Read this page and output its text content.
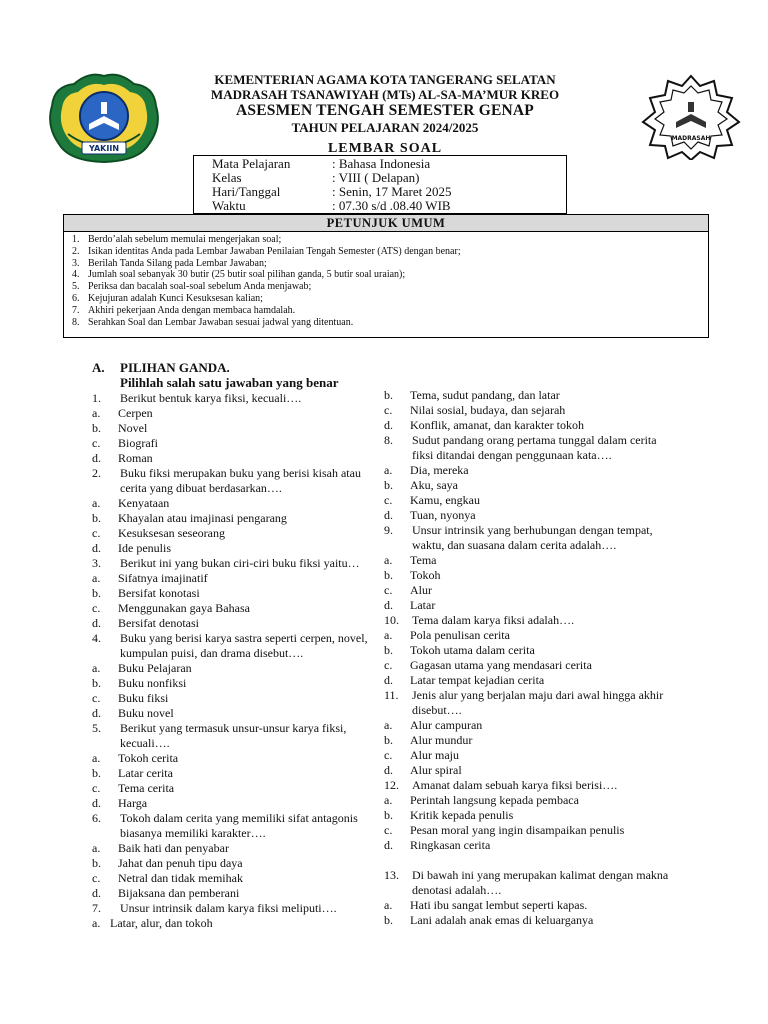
YAKIIN
MADRASAH
KEMENTERIAN AGAMA KOTA TANGERANG SELATAN
MADRASAH TSANAWIYAH (MTs) AL-SA-MA’MUR KREO
ASESMEN TENGAH SEMESTER GENAP
TAHUN PELAJARAN 2024/2025
LEMBAR SOAL
Mata Pelajaran	: Bahasa Indonesia
Kelas	: VIII ( Delapan)
Hari/Tanggal	: Senin, 17 Maret 2025
Waktu	: 07.30 s/d .08.40 WIB
PETUNJUK UMUM
1. Berdo’alah sebelum memulai mengerjakan soal;
2. Isikan identitas Anda pada Lembar Jawaban Penilaian Tengah Semester (ATS) dengan benar;
3. Berilah Tanda Silang pada Lembar Jawaban;
4. Jumlah soal sebanyak 30 butir (25 butir soal pilihan ganda, 5 butir soal uraian);
5. Periksa dan bacalah soal-soal sebelum Anda menjawab;
6. Kejujuran adalah Kunci Kesuksesan kalian;
7. Akhiri pekerjaan Anda dengan membaca hamdalah.
8. Serahkan Soal dan Lembar Jawaban sesuai jadwal yang ditentuan.
A. PILIHAN GANDA.
Pilihlah salah satu jawaban yang benar
1. Berikut bentuk karya fiksi, kecuali….
a. Cerpen
b. Novel
c. Biografi
d. Roman
2. Buku fiksi merupakan buku yang berisi kisah atau cerita yang dibuat berdasarkan….
a. Kenyataan
b. Khayalan atau imajinasi pengarang
c. Kesuksesan seseorang
d. Ide penulis
3. Berikut ini yang bukan ciri-ciri buku fiksi yaitu…
a. Sifatnya imajinatif
b. Bersifat konotasi
c. Menggunakan gaya Bahasa
d. Bersifat denotasi
4. Buku yang berisi karya sastra seperti cerpen, novel, kumpulan puisi, dan drama disebut….
a. Buku Pelajaran
b. Buku nonfiksi
c. Buku fiksi
d. Buku novel
5. Berikut yang termasuk unsur-unsur karya fiksi, kecuali….
a. Tokoh cerita
b. Latar cerita
c. Tema cerita
d. Harga
6. Tokoh dalam cerita yang memiliki sifat antagonis biasanya memiliki karakter….
a. Baik hati dan penyabar
b. Jahat dan penuh tipu daya
c. Netral dan tidak memihak
d. Bijaksana dan pemberani
7. Unsur intrinsik dalam karya fiksi meliputi….
a. Latar, alur, dan tokoh
b. Tema, sudut pandang, dan latar
c. Nilai sosial, budaya, dan sejarah
d. Konflik, amanat, dan karakter tokoh
8. Sudut pandang orang pertama tunggal dalam cerita fiksi ditandai dengan penggunaan kata….
a. Dia, mereka
b. Aku, saya
c. Kamu, engkau
d. Tuan, nyonya
9. Unsur intrinsik yang berhubungan dengan tempat, waktu, dan suasana dalam cerita adalah….
a. Tema
b. Tokoh
c. Alur
d. Latar
10. Tema dalam karya fiksi adalah….
a. Pola penulisan cerita
b. Tokoh utama dalam cerita
c. Gagasan utama yang mendasari cerita
d. Latar tempat kejadian cerita
11. Jenis alur yang berjalan maju dari awal hingga akhir disebut….
a. Alur campuran
b. Alur mundur
c. Alur maju
d. Alur spiral
12. Amanat dalam sebuah karya fiksi berisi….
a. Perintah langsung kepada pembaca
b. Kritik kepada penulis
c. Pesan moral yang ingin disampaikan penulis
d. Ringkasan cerita
13. Di bawah ini yang merupakan kalimat dengan makna denotasi adalah….
a. Hati ibu sangat lembut seperti kapas.
b. Lani adalah anak emas di keluarganya
